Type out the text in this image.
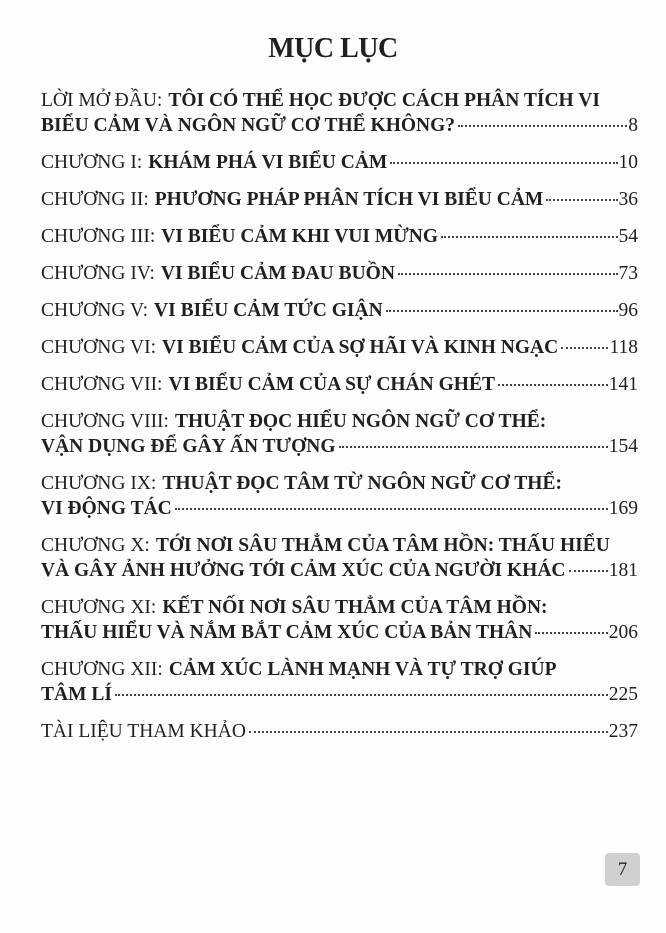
MỤC LỤC
LỜI MỞ ĐẦU: TÔI CÓ THỂ HỌC ĐƯỢC CÁCH PHÂN TÍCH VI
BIỂU CẢM VÀ NGÔN NGỮ CƠ THỂ KHÔNG?	8
CHƯƠNG I: KHÁM PHÁ VI BIỂU CẢM	10
CHƯƠNG II: PHƯƠNG PHÁP PHÂN TÍCH VI BIỂU CẢM	36
CHƯƠNG III: VI BIỂU CẢM KHI VUI MỪNG	54
CHƯƠNG IV: VI BIỂU CẢM ĐAU BUỒN	73
CHƯƠNG V: VI BIỂU CẢM TỨC GIẬN	96
CHƯƠNG VI: VI BIỂU CẢM CỦA SỢ HÃI VÀ KINH NGẠC	118
CHƯƠNG VII: VI BIỂU CẢM CỦA SỰ CHÁN GHÉT	141
CHƯƠNG VIII: THUẬT ĐỌC HIỂU NGÔN NGỮ CƠ THỂ:
VẬN DỤNG ĐỂ GÂY ẤN TƯỢNG	154
CHƯƠNG IX: THUẬT ĐỌC TÂM TỪ NGÔN NGỮ CƠ THỂ:
VI ĐỘNG TÁC	169
CHƯƠNG X: TỚI NƠI SÂU THẲM CỦA TÂM HỒN: THẤU HIỂU
VÀ GÂY ẢNH HƯỞNG TỚI CẢM XÚC CỦA NGƯỜI KHÁC 181
CHƯƠNG XI: KẾT NỐI NƠI SÂU THẲM CỦA TÂM HỒN:
THẤU HIỂU VÀ NẮM BẮT CẢM XÚC CỦA BẢN THÂN	206
CHƯƠNG XII: CẢM XÚC LÀNH MẠNH VÀ TỰ TRỢ GIÚP
TÂM LÍ	225
TÀI LIỆU THAM KHẢO	237
7
